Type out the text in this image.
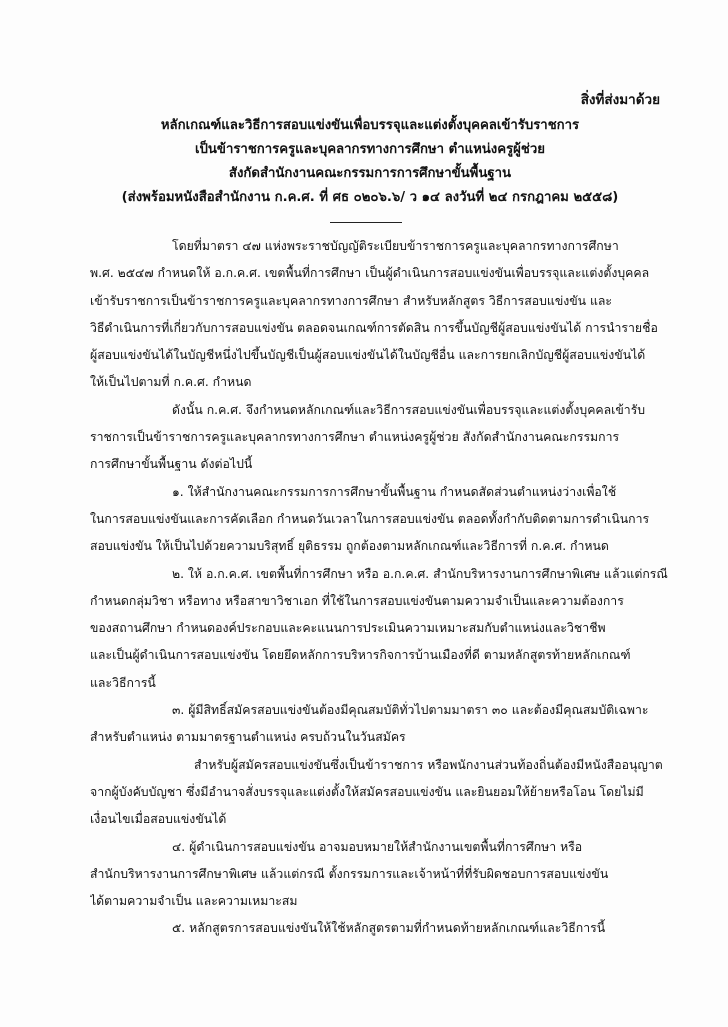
สิ่งที่ส่งมาด้วย
หลักเกณฑ์และวิธีการสอบแข่งขันเพื่อบรรจุและแต่งตั้งบุคคลเข้ารับราชการ
เป็นข้าราชการครูและบุคลากรทางการศึกษา ตำแหน่งครูผู้ช่วย
สังกัดสำนักงานคณะกรรมการการศึกษาขั้นพื้นฐาน
(ส่งพร้อมหนังสือสำนักงาน ก.ค.ศ. ที่ ศธ ๐๒๐๖.๖/ ว ๑๔ ลงวันที่ ๒๔ กรกฎาคม ๒๕๕๘)
โดยที่มาตรา ๔๗ แห่งพระราชบัญญัติระเบียบข้าราชการครูและบุคลากรทางการศึกษา
พ.ศ. ๒๕๔๗ กำหนดให้ อ.ก.ค.ศ. เขตพื้นที่การศึกษา เป็นผู้ดำเนินการสอบแข่งขันเพื่อบรรจุและแต่งตั้งบุคคล
เข้ารับราชการเป็นข้าราชการครูและบุคลากรทางการศึกษา สำหรับหลักสูตร วิธีการสอบแข่งขัน และ
วิธีดำเนินการที่เกี่ยวกับการสอบแข่งขัน ตลอดจนเกณฑ์การตัดสิน การขึ้นบัญชีผู้สอบแข่งขันได้ การนำรายชื่อ
ผู้สอบแข่งขันได้ในบัญชีหนึ่งไปขึ้นบัญชีเป็นผู้สอบแข่งขันได้ในบัญชีอื่น และการยกเลิกบัญชีผู้สอบแข่งขันได้
ให้เป็นไปตามที่ ก.ค.ศ. กำหนด
ดังนั้น ก.ค.ศ. จึงกำหนดหลักเกณฑ์และวิธีการสอบแข่งขันเพื่อบรรจุและแต่งตั้งบุคคลเข้ารับ
ราชการเป็นข้าราชการครูและบุคลากรทางการศึกษา ตำแหน่งครูผู้ช่วย สังกัดสำนักงานคณะกรรมการ
การศึกษาขั้นพื้นฐาน ดังต่อไปนี้
๑. ให้สำนักงานคณะกรรมการการศึกษาขั้นพื้นฐาน กำหนดสัดส่วนตำแหน่งว่างเพื่อใช้
ในการสอบแข่งขันและการคัดเลือก กำหนดวันเวลาในการสอบแข่งขัน ตลอดทั้งกำกับติดตามการดำเนินการ
สอบแข่งขัน ให้เป็นไปด้วยความบริสุทธิ์ ยุติธรรม ถูกต้องตามหลักเกณฑ์และวิธีการที่ ก.ค.ศ. กำหนด
๒. ให้ อ.ก.ค.ศ. เขตพื้นที่การศึกษา หรือ อ.ก.ค.ศ. สำนักบริหารงานการศึกษาพิเศษ แล้วแต่กรณี
กำหนดกลุ่มวิชา หรือทาง หรือสาขาวิชาเอก ที่ใช้ในการสอบแข่งขันตามความจำเป็นและความต้องการ
ของสถานศึกษา กำหนดองค์ประกอบและคะแนนการประเมินความเหมาะสมกับตำแหน่งและวิชาชีพ
และเป็นผู้ดำเนินการสอบแข่งขัน โดยยึดหลักการบริหารกิจการบ้านเมืองที่ดี ตามหลักสูตรท้ายหลักเกณฑ์
และวิธีการนี้
๓. ผู้มีสิทธิ์สมัครสอบแข่งขันต้องมีคุณสมบัติทั่วไปตามมาตรา ๓๐ และต้องมีคุณสมบัติเฉพาะ
สำหรับตำแหน่ง ตามมาตรฐานตำแหน่ง ครบถ้วนในวันสมัคร
สำหรับผู้สมัครสอบแข่งขันซึ่งเป็นข้าราชการ หรือพนักงานส่วนท้องถิ่นต้องมีหนังสืออนุญาต
จากผู้บังคับบัญชา ซึ่งมีอำนาจสั่งบรรจุและแต่งตั้งให้สมัครสอบแข่งขัน และยินยอมให้ย้ายหรือโอน โดยไม่มี
เงื่อนไขเมื่อสอบแข่งขันได้
๔. ผู้ดำเนินการสอบแข่งขัน อาจมอบหมายให้สำนักงานเขตพื้นที่การศึกษา หรือ
สำนักบริหารงานการศึกษาพิเศษ แล้วแต่กรณี ตั้งกรรมการและเจ้าหน้าที่ที่รับผิดชอบการสอบแข่งขัน
ได้ตามความจำเป็น และความเหมาะสม
๕. หลักสูตรการสอบแข่งขันให้ใช้หลักสูตรตามที่กำหนดท้ายหลักเกณฑ์และวิธีการนี้
